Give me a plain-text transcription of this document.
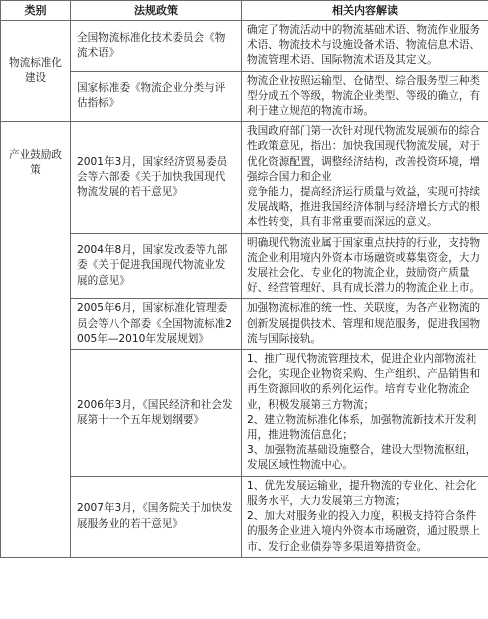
类别	法规政策	相关内容解读
物流标准化建设	全国物流标准化技术委员会《物流术语》	确定了物流活动中的物流基础术语、物流作业服务术语、物流技术与设施设备术语、物流信息术语、物流管理术语、国际物流术语及其定义。

	国家标准委《物流企业分类与评估指标》	物流企业按照运输型、仓储型、综合服务型三种类型分成五个等级，物流企业类型、等级的确立，有利于建立规范的物流市场。

产业鼓励政策	2001年3月，国家经济贸易委员会等六部委《关于加快我国现代物流发展的若干意见》	我国政府部门第一次针对现代物流发展颁布的综合性政策意见，指出：加快我国现代物流发展，对于优化资源配置，调整经济结构，改善投资环境，增强综合国力和企业
竞争能力，提高经济运行质量与效益，实现可持续发展战略，推进我国经济体制与经济增长方式的根本性转变，具有非常重要而深远的意义。

	2004年8月，国家发改委等九部委《关于促进我国现代物流业发展的意见》	明确现代物流业属于国家重点扶持的行业，支持物流企业利用境内外资本市场融资或募集资金，大力发展社会化、专业化的物流企业，鼓励资产质量好、经营管理好、具有成长潜力的物流企业上市。

	2005年6月，国家标准化管理委员会等八个部委《全国物流标准2005年—2010年发展规划》	加强物流标准的统一性、关联度，为各产业物流的创新发展提供技术、管理和规范服务，促进我国物流与国际接轨。

	2006年3月，《国民经济和社会发展第十一个五年规划纲要》	1、推广现代物流管理技术，促进企业内部物流社会化，实现企业物资采购、生产组织、产品销售和再生资源回收的系列化运作。培育专业化物流企业，积极发展第三方物流；
2、建立物流标准化体系，加强物流新技术开发利用，推进物流信息化；
3、加强物流基础设施整合，建设大型物流枢纽，发展区域性物流中心。

	2007年3月，《国务院关于加快发展服务业的若干意见》	1、优先发展运输业，提升物流的专业化、社会化服务水平，大力发展第三方物流；
2、加大对服务业的投入力度，积极支持符合条件的服务企业进入境内外资本市场融资，通过股票上市、发行企业债券等多渠道筹措资金。
